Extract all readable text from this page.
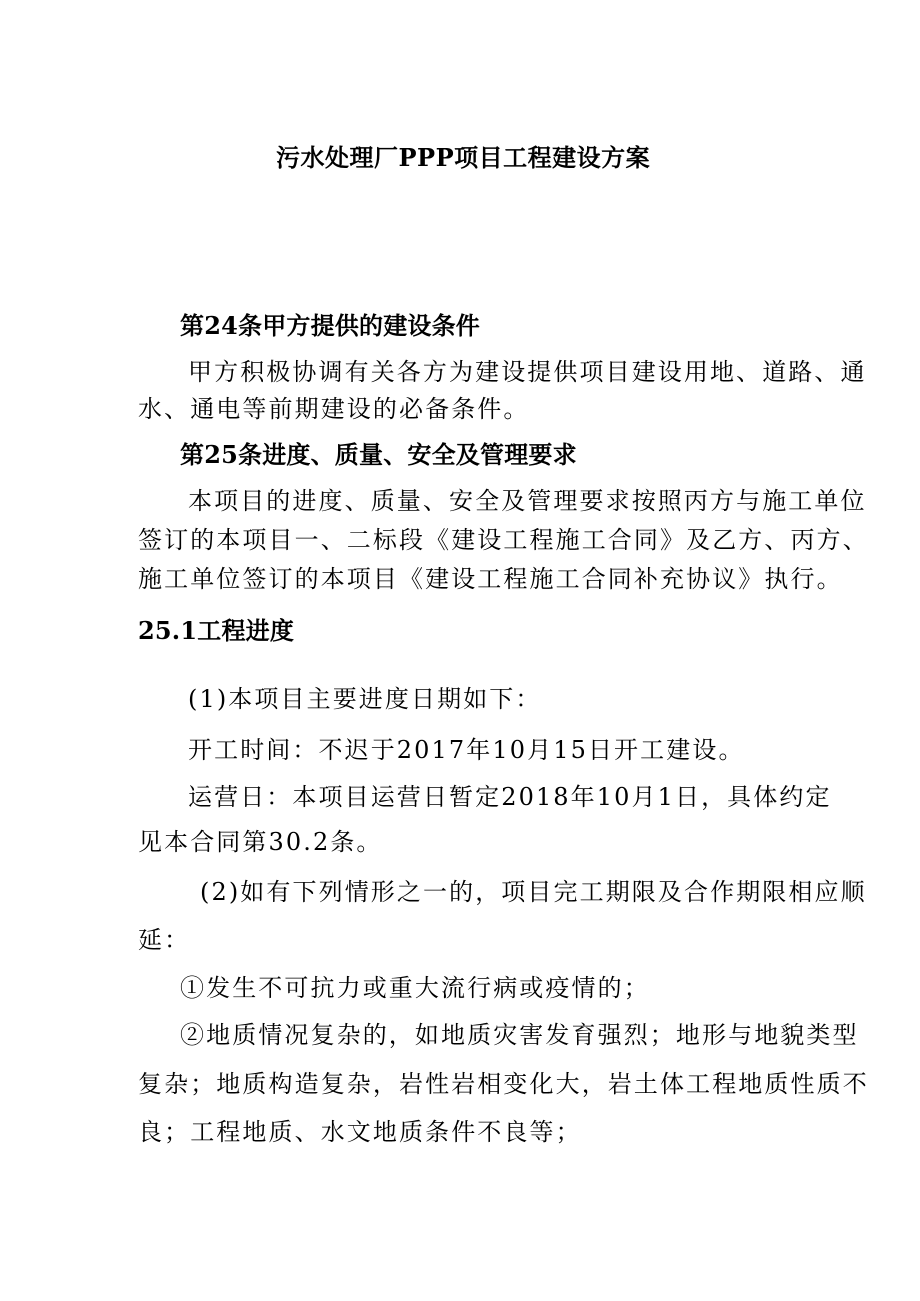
污水处理厂PPP项目工程建设方案
第24条甲方提供的建设条件
甲方积极协调有关各方为建设提供项目建设用地、道路、通
水、通电等前期建设的必备条件。
第25条进度、质量、安全及管理要求
本项目的进度、质量、安全及管理要求按照丙方与施工单位
签订的本项目一、二标段《建设工程施工合同》及乙方、丙方、
施工单位签订的本项目《建设工程施工合同补充协议》执行。
25.1工程进度
(1)本项目主要进度日期如下：
开工时间：不迟于2017年10月15日开工建设。
运营日：本项目运营日暂定2018年10月1日，具体约定
见本合同第30.2条。
(2)如有下列情形之一的，项目完工期限及合作期限相应顺
延：
①发生不可抗力或重大流行病或疫情的；
②地质情况复杂的，如地质灾害发育强烈；地形与地貌类型
复杂；地质构造复杂，岩性岩相变化大，岩土体工程地质性质不
良；工程地质、水文地质条件不良等；
